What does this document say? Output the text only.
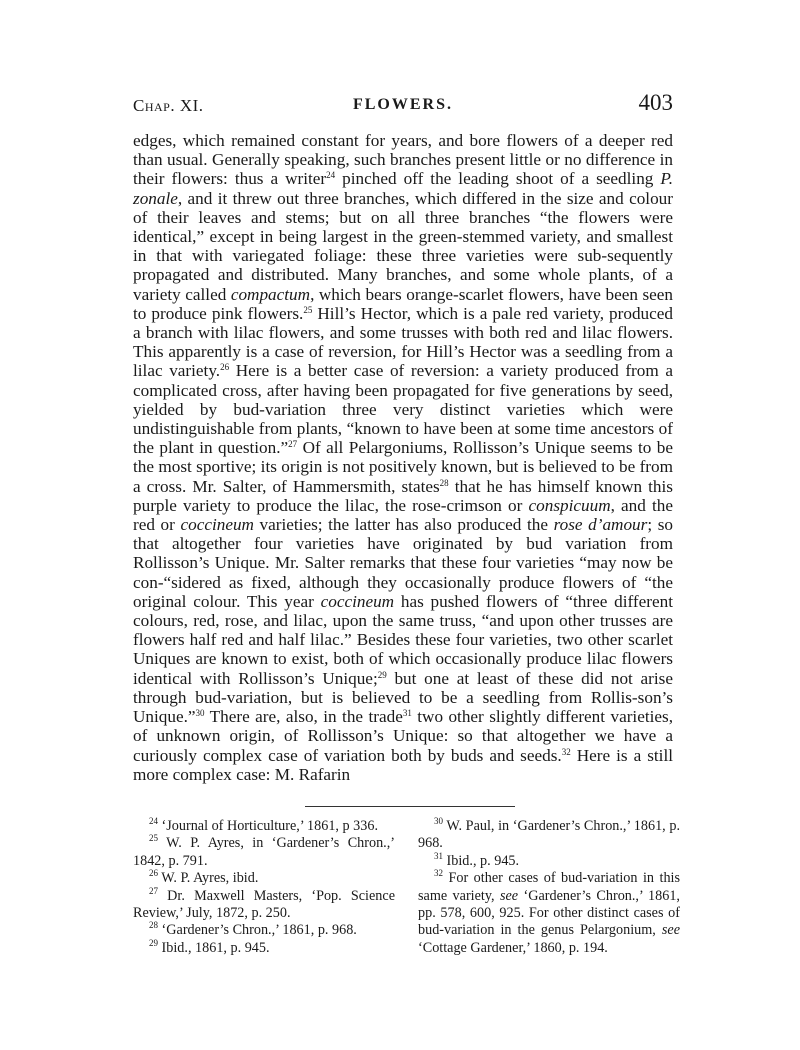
Chap. XI.	FLOWERS.	403

edges, which remained constant for years, and bore flowers of a deeper red than usual. Generally speaking, such branches present little or no difference in their flowers: thus a writer$^{24}$ pinched off the leading shoot of a seedling P. zonale, and it threw out three branches, which differed in the size and colour of their leaves and stems; but on all three branches “the flowers were identical,” except in being largest in the green-stemmed variety, and smallest in that with variegated foliage: these three varieties were sub-sequently propagated and distributed. Many branches, and some whole plants, of a variety called compactum, which bears orange-scarlet flowers, have been seen to produce pink flowers.$^{25}$ Hill’s Hector, which is a pale red variety, produced a branch with lilac flowers, and some trusses with both red and lilac flowers. This apparently is a case of reversion, for Hill’s Hector was a seedling from a lilac variety.$^{26}$ Here is a better case of reversion: a variety produced from a complicated cross, after having been propagated for five generations by seed, yielded by bud-variation three very distinct varieties which were undistinguishable from plants, “known to have been at some time ancestors of the plant in question.”$^{27}$ Of all Pelargoniums, Rollisson’s Unique seems to be the most sportive; its origin is not positively known, but is believed to be from a cross. Mr. Salter, of Hammersmith, states$^{28}$ that he has himself known this purple variety to produce the lilac, the rose-crimson or conspicuum, and the red or coccineum varieties; the latter has also produced the rose d’amour; so that altogether four varieties have originated by bud variation from Rollisson’s Unique. Mr. Salter remarks that these four varieties “may now be con-“sidered as fixed, although they occasionally produce flowers of “the original colour. This year coccineum has pushed flowers of “three different colours, red, rose, and lilac, upon the same truss, “and upon other trusses are flowers half red and half lilac.” Besides these four varieties, two other scarlet Uniques are known to exist, both of which occasionally produce lilac flowers identical with Rollisson’s Unique;$^{29}$ but one at least of these did not arise through bud-variation, but is believed to be a seedling from Rollis-son’s Unique.”$^{30}$ There are, also, in the trade$^{31}$ two other slightly different varieties, of unknown origin, of Rollisson’s Unique: so that altogether we have a curiously complex case of variation both by buds and seeds.$^{32}$ Here is a still more complex case: M. Rafarin

$^{24}$ ‘Journal of Horticulture,’ 1861, p 336.

$^{25}$ W. P. Ayres, in ‘Gardener’s Chron.,’ 1842, p. 791.

$^{26}$ W. P. Ayres, ibid.

$^{27}$ Dr. Maxwell Masters, ‘Pop. Science Review,’ July, 1872, p. 250.

$^{28}$ ‘Gardener’s Chron.,’ 1861, p. 968.

$^{29}$ Ibid., 1861, p. 945.

$^{30}$ W. Paul, in ‘Gardener’s Chron.,’ 1861, p. 968.

$^{31}$ Ibid., p. 945.

$^{32}$ For other cases of bud-variation in this same variety, see ‘Gardener’s Chron.,’ 1861, pp. 578, 600, 925. For other distinct cases of bud-variation in the genus Pelargonium, see ‘Cottage Gardener,’ 1860, p. 194.
